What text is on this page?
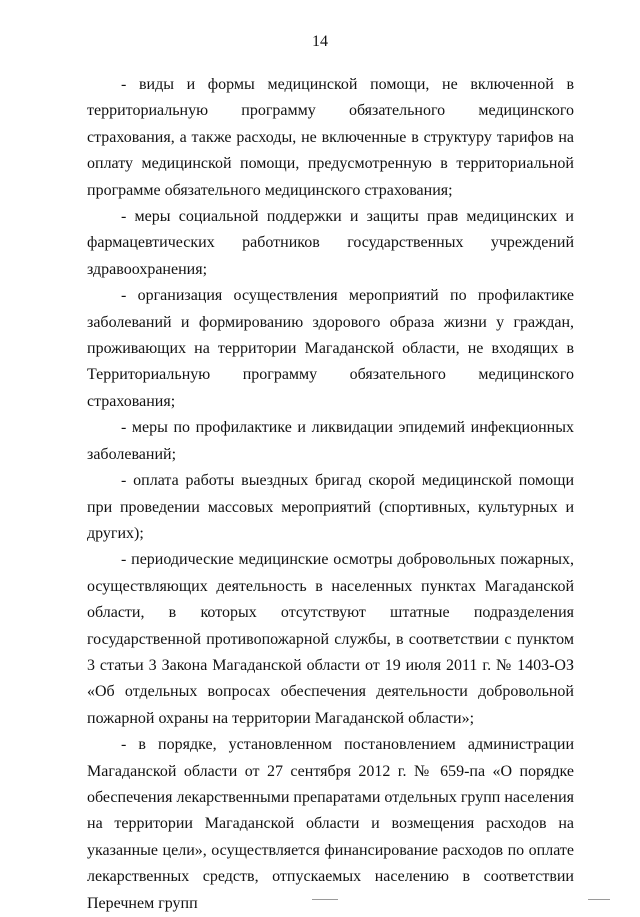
14

- виды и формы медицинской помощи, не включенной в территориальную программу обязательного медицинского страхования, а также расходы, не включенные в структуру тарифов на оплату медицинской помощи, предусмотренную в территориальной программе обязательного медицинского страхования;

- меры социальной поддержки и защиты прав медицинских и фармацевтических работников государственных учреждений здравоохранения;

- организация осуществления мероприятий по профилактике заболеваний и формированию здорового образа жизни у граждан, проживающих на территории Магаданской области, не входящих в Территориальную программу обязательного медицинского страхования;

- меры по профилактике и ликвидации эпидемий инфекционных заболеваний;

- оплата работы выездных бригад скорой медицинской помощи при проведении массовых мероприятий (спортивных, культурных и других);

- периодические медицинские осмотры добровольных пожарных, осуществляющих деятельность в населенных пунктах Магаданской области, в которых отсутствуют штатные подразделения государственной противопожарной службы, в соответствии с пунктом 3 статьи 3 Закона Магаданской области от 19 июля 2011 г. № 1403-ОЗ «Об отдельных вопросах обеспечения деятельности добровольной пожарной охраны на территории Магаданской области»;

- в порядке, установленном постановлением администрации Магаданской области от 27 сентября 2012 г. № 659-па «О порядке обеспечения лекарственными препаратами отдельных групп населения на территории Магаданской области и возмещения расходов на указанные цели», осуществляется финансирование расходов по оплате лекарственных средств, отпускаемых населению в соответствии Перечнем групп
